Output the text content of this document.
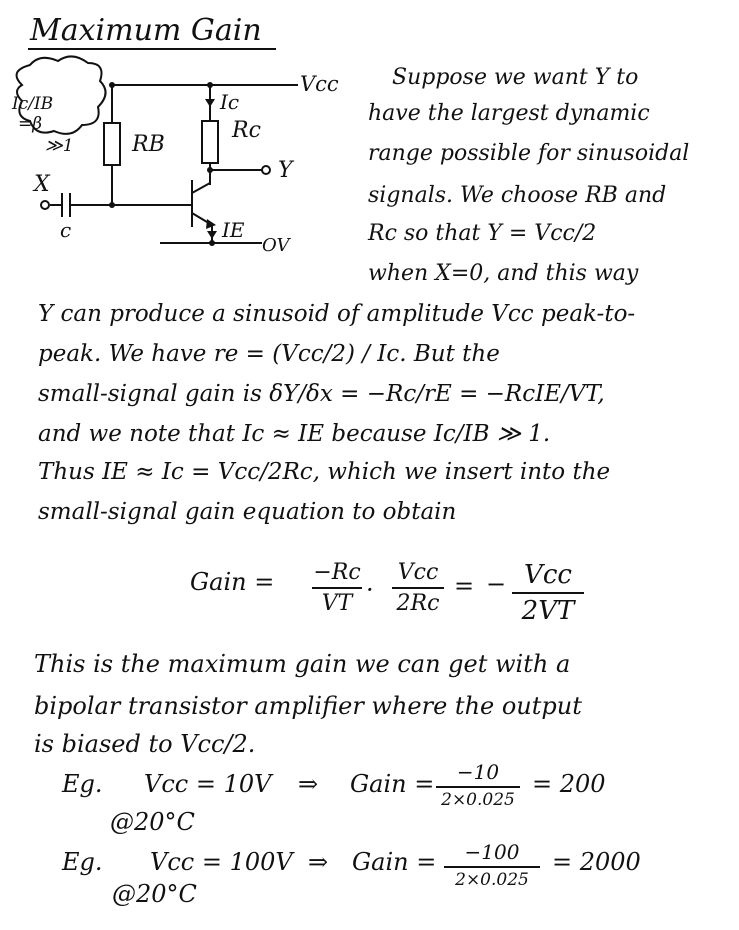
Maximum Gain
Ic/IB
=β
≫1
Vcc
Ic
RB
Rc
Y
X
c	IE
OV
Suppose we want Y to
have the largest dynamic
range possible for sinusoidal
signals. We choose RB and
Rc so that Y = Vcc/2
when X=0, and this way
Y can produce a sinusoid of amplitude Vcc peak-to-
peak. We have re = (Vcc/2) / Ic. But the
small-signal gain is δY/δx = −Rc/rE = −RcIE/VT,
and we note that Ic ≈ IE because Ic/IB ≫ 1.
Thus IE ≈ Ic = Vcc/2Rc, which we insert into the
small-signal gain equation to obtain
Gain = −Rc
VT ·
Vcc
2Rc
= − Vcc
2VT
This is the maximum gain we can get with a
bipolar transistor amplifier where the output
is biased to Vcc/2.
Eg. Vcc = 10V
@20°C
⇒ Gain =	−10
2×0.025
= 200
Eg. Vcc = 100V
@20°C
⇒ Gain =	−100
2×0.025
= 2000
